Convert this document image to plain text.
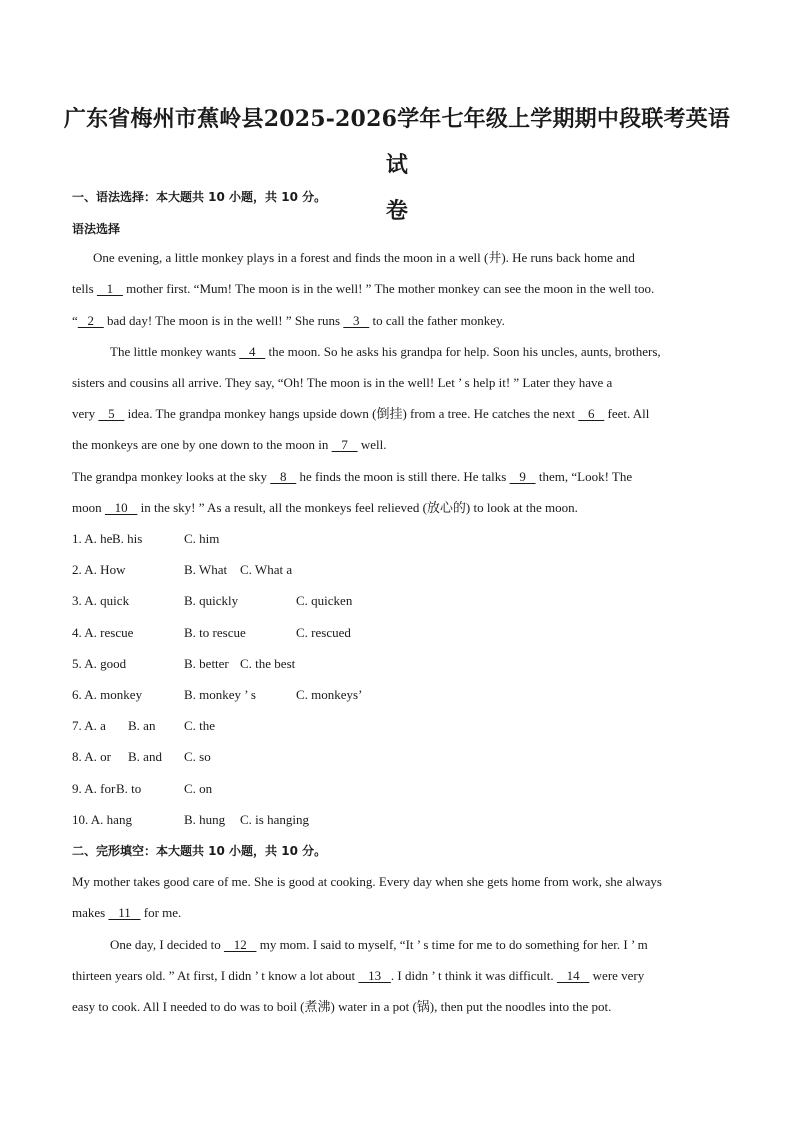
广东省梅州市蕉岭县2025-2026学年七年级上学期期中段联考英语试
卷
一、语法选择：本大题共 10 小题，共 10 分。
语法选择
One evening, a little monkey plays in a forest and finds the moon in a well (井). He runs back home and
tells    1    mother first. “Mum! The moon is in the well! ” The mother monkey can see the moon in the well too.
“   2    bad day! The moon is in the well! ” She runs    3    to call the father monkey.
The little monkey wants    4    the moon. So he asks his grandpa for help. Soon his uncles, aunts, brothers,
sisters and cousins all arrive. They say, “Oh! The moon is in the well! Let ’ s help it! ” Later they have a
very    5    idea. The grandpa monkey hangs upside down (倒挂) from a tree. He catches the next    6    feet. All
the monkeys are one by one down to the moon in    7    well.
The grandpa monkey looks at the sky    8    he finds the moon is still there. He talks    9    them, “Look! The
moon    10    in the sky! ” As a result, all the monkeys feel relieved (放心的) to look at the moon.
1. A. he B. his	C. him
2. A. How	B. What C. What a
3. A. quick	B. quickly	C. quicken
4. A. rescue	B. to rescue	C. rescued
5. A. good	B. better C. the best
6. A. monkey	B. monkey ’ s	C. monkeys’
7. A. a B. an C. the
8. A. or B. and C. so
9. A. for B. to	C. on
10. A. hang	B. hung C. is hanging
二、完形填空：本大题共 10 小题，共 10 分。
My mother takes good care of me. She is good at cooking. Every day when she gets home from work, she always
makes    11    for me.
One day, I decided to    12    my mom. I said to myself, “It ’ s time for me to do something for her. I ’ m
thirteen years old. ” At first, I didn ’ t know a lot about    13   . I didn ’ t think it was difficult.    14    were very
easy to cook. All I needed to do was to boil (煮沸) water in a pot (锅), then put the noodles into the pot.
